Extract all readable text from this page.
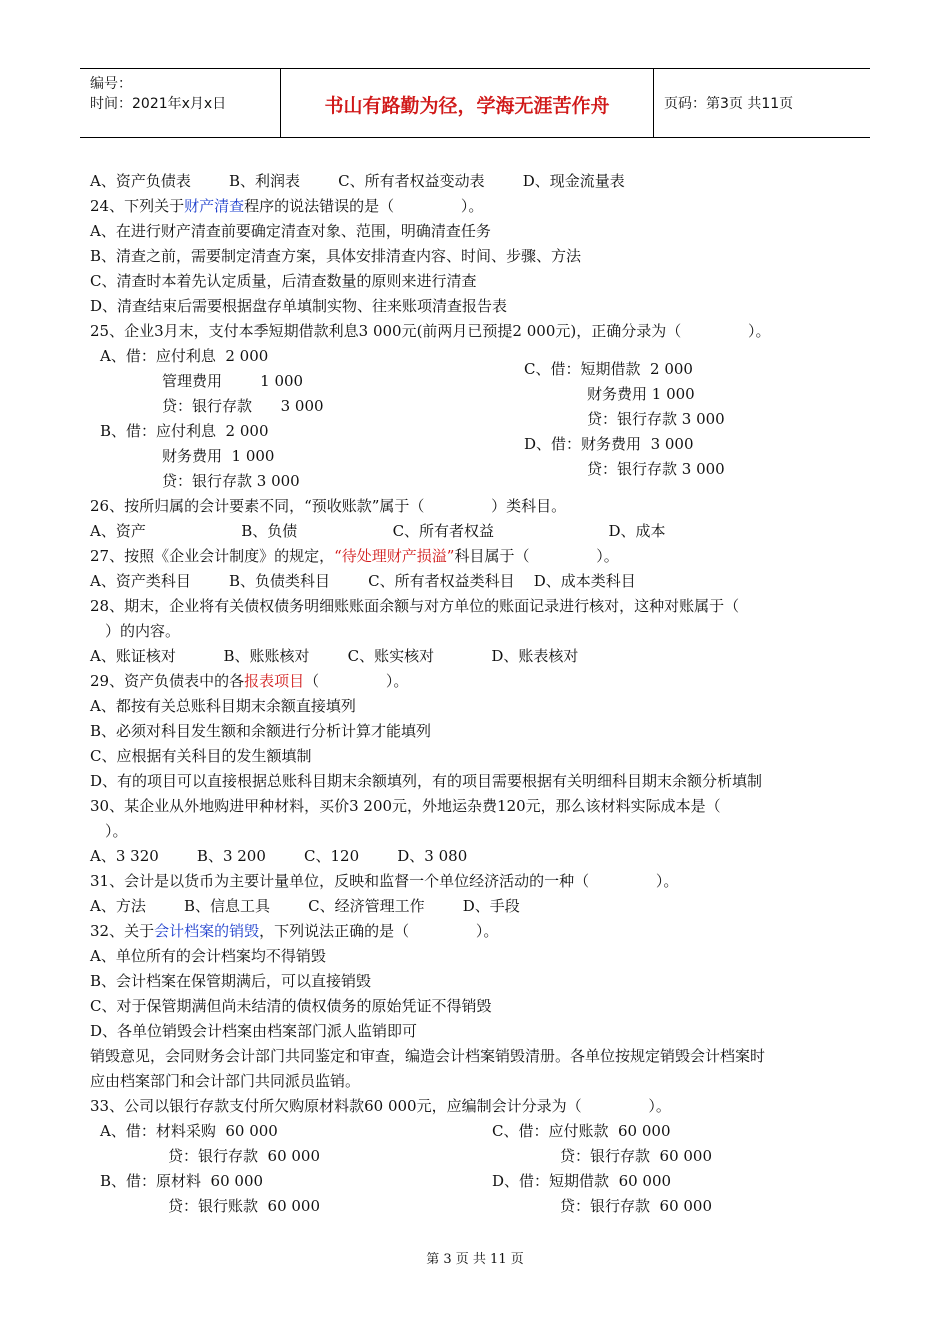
编号：
时间：2021年x月x日	书山有路勤为径，学海无涯苦作舟	页码：第3页 共11页
A、资产负债表        B、利润表        C、所有者权益变动表        D、现金流量表
24、下列关于财产清查程序的说法错误的是（              ）。
A、在进行财产清查前要确定清查对象、范围，明确清查任务
B、清查之前，需要制定清查方案，具体安排清查内容、时间、步骤、方法
C、清查时本着先认定质量，后清查数量的原则来进行清查
D、清查结束后需要根据盘存单填制实物、往来账项清查报告表
25、企业3月末，支付本季短期借款利息3 000元(前两月已预提2 000元)，正确分录为（              ）。
A、借：应付利息  2 000
管理费用        1 000
贷：银行存款      3 000
B、借：应付利息  2 000
财务费用  1 000
贷：银行存款 3 000
C、借：短期借款  2 000
财务费用 1 000
贷：银行存款 3 000
D、借：财务费用  3 000
贷：银行存款 3 000
26、按所归属的会计要素不同，“预收账款”属于（              ）类科目。
A、资产                    B、负债                    C、所有者权益                        D、成本
27、按照《企业会计制度》的规定，“待处理财产损溢”科目属于（              ）。
A、资产类科目        B、负债类科目        C、所有者权益类科目    D、成本类科目
28、期末，企业将有关债权债务明细账账面余额与对方单位的账面记录进行核对，这种对账属于（
）的内容。
A、账证核对          B、账账核对        C、账实核对            D、账表核对
29、资产负债表中的各报表项目（              ）。
A、都按有关总账科目期末余额直接填列
B、必须对科目发生额和余额进行分析计算才能填列
C、应根据有关科目的发生额填制
D、有的项目可以直接根据总账科目期末余额填列，有的项目需要根据有关明细科目期末余额分析填制
30、某企业从外地购进甲种材料，买价3 200元，外地运杂费120元，那么该材料实际成本是（
）。
A、3 320        B、3 200        C、120        D、3 080
31、会计是以货币为主要计量单位，反映和监督一个单位经济活动的一种（              ）。
A、方法        B、信息工具        C、经济管理工作        D、手段
32、关于会计档案的销毁，下列说法正确的是（              ）。
A、单位所有的会计档案均不得销毁
B、会计档案在保管期满后，可以直接销毁
C、对于保管期满但尚未结清的债权债务的原始凭证不得销毁
D、各单位销毁会计档案由档案部门派人监销即可
销毁意见，会同财务会计部门共同鉴定和审查，编造会计档案销毁清册。各单位按规定销毁会计档案时
应由档案部门和会计部门共同派员监销。
33、公司以银行存款支付所欠购原材料款60 000元，应编制会计分录为（              ）。
A、借：材料采购  60 000
贷：银行存款  60 000
B、借：原材料  60 000
贷：银行账款  60 000
C、借：应付账款  60 000
贷：银行存款  60 000
D、借：短期借款  60 000
贷：银行存款  60 000
第 3 页 共 11 页
